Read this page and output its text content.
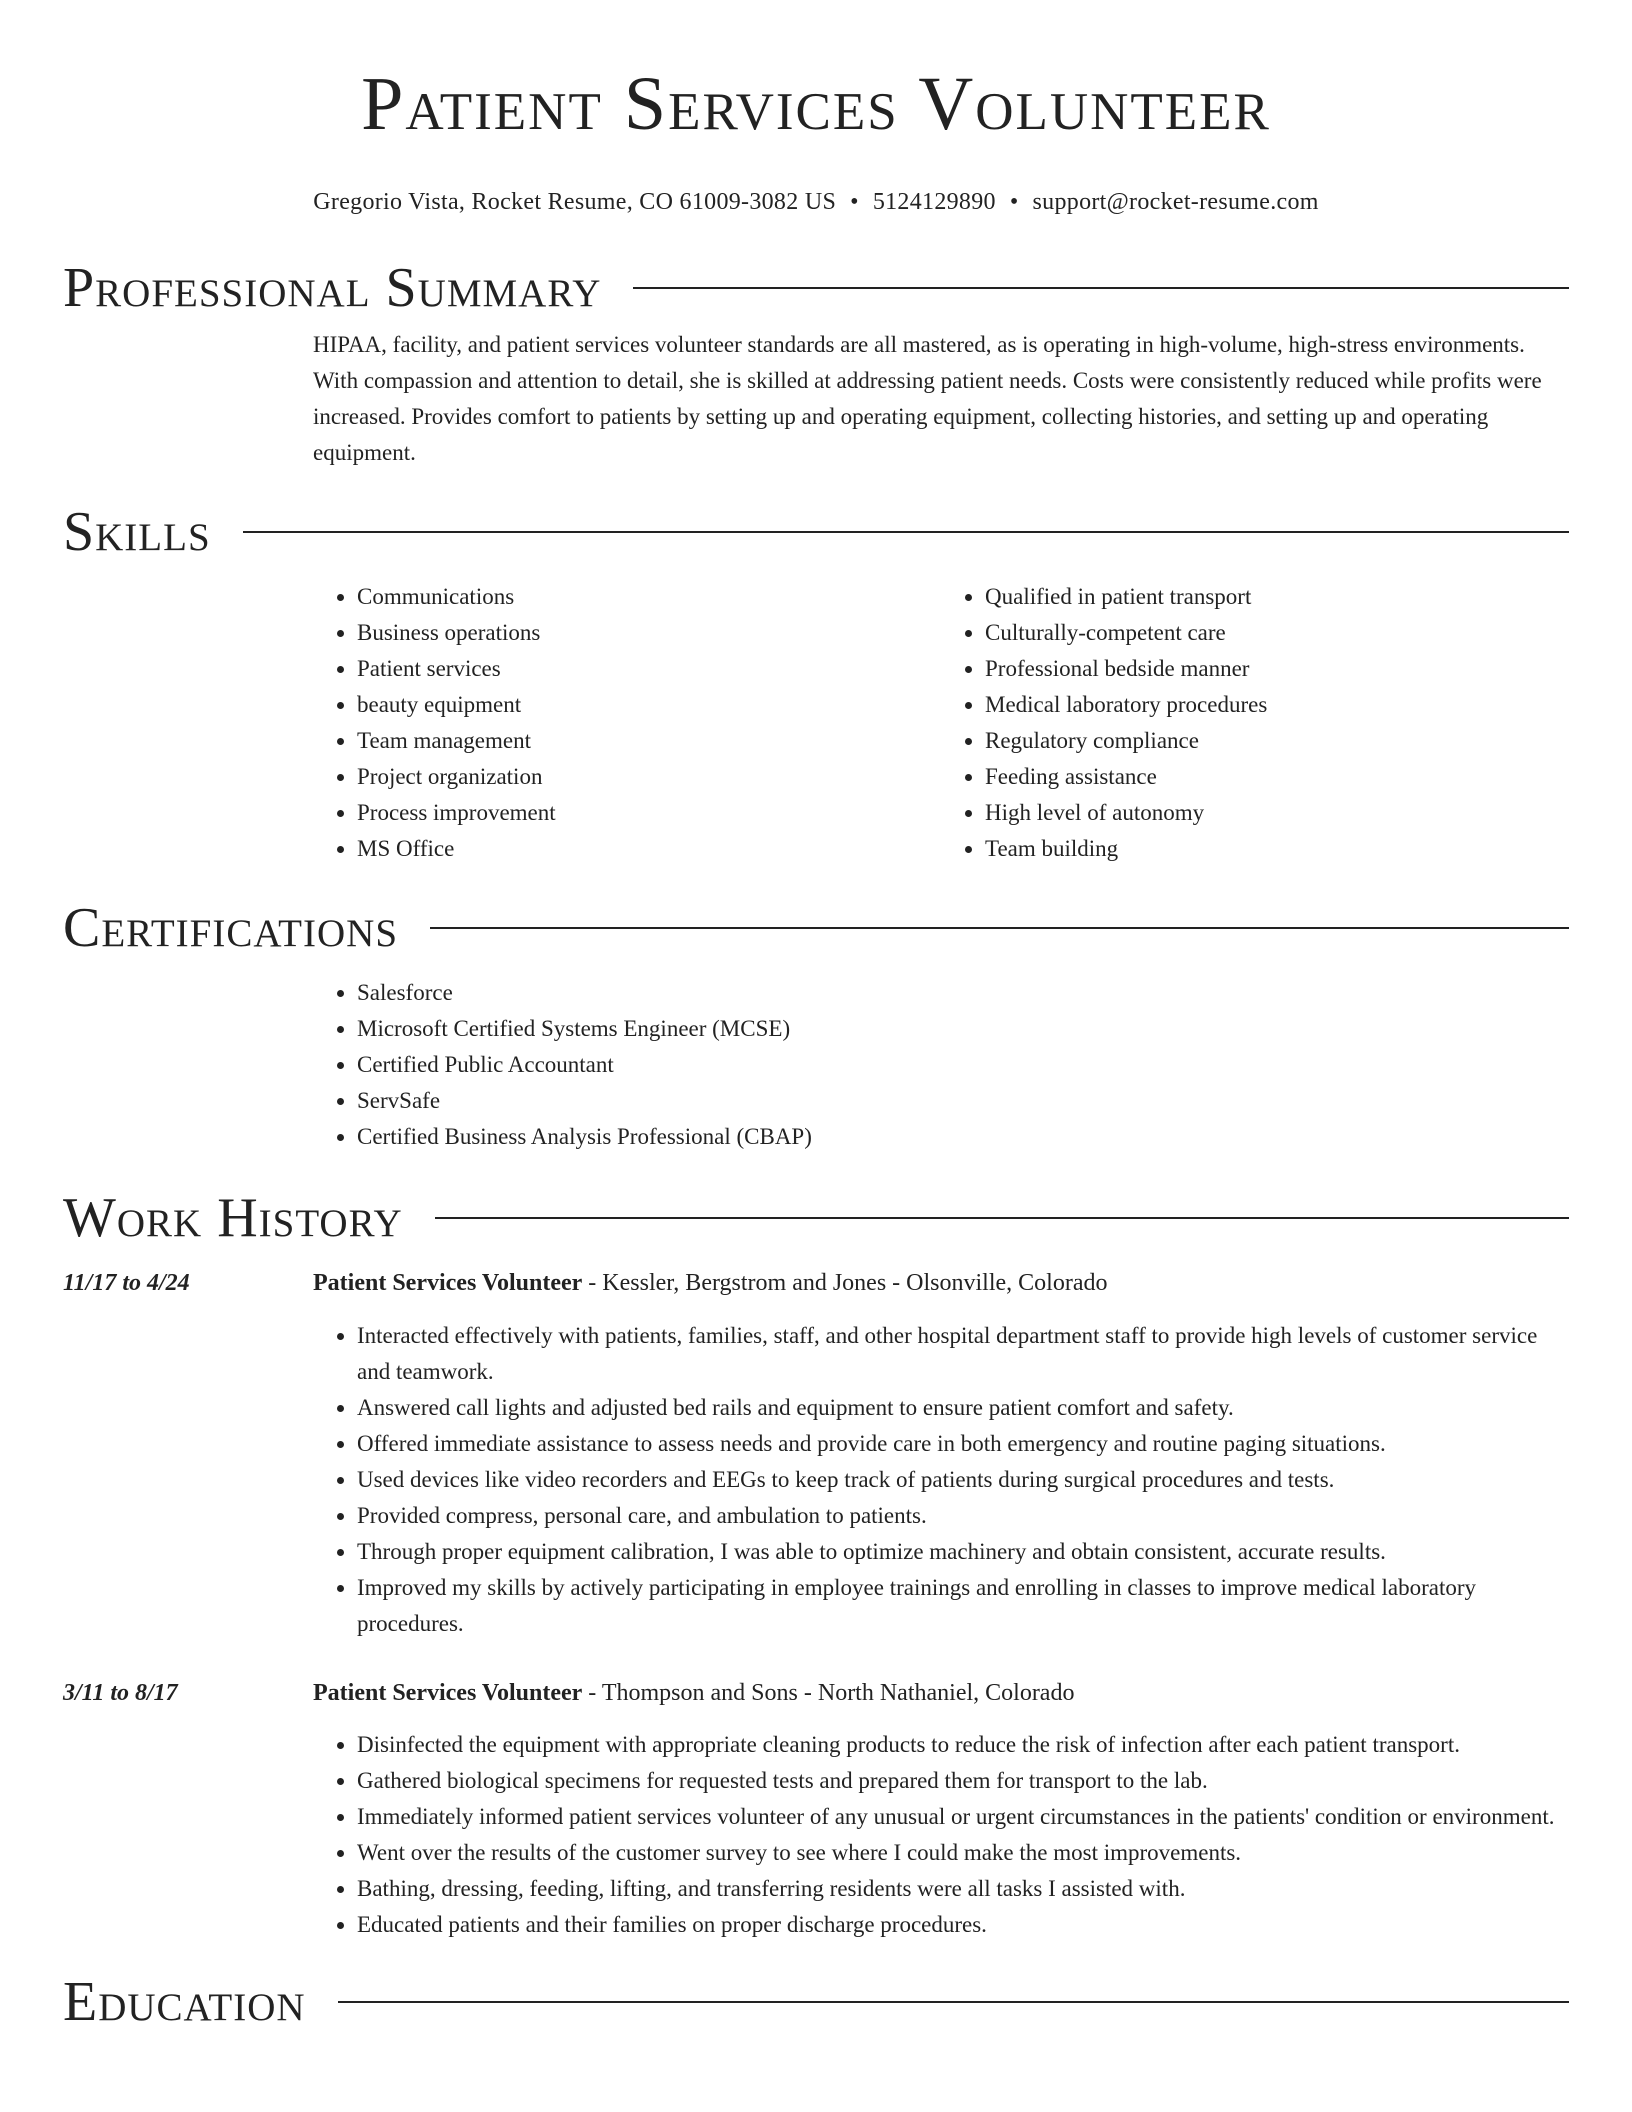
Patient Services Volunteer
Gregorio Vista, Rocket Resume, CO 61009-3082 US • 5124129890 • support@rocket-resume.com
Professional Summary

HIPAA, facility, and patient services volunteer standards are all mastered, as is operating in high-volume, high-stress environments. With compassion and attention to detail, she is skilled at addressing patient needs. Costs were consistently reduced while profits were increased. Provides comfort to patients by setting up and operating equipment, collecting histories, and setting up and operating equipment.

Skills
• Communications
• Business operations
• Patient services
• beauty equipment
• Team management
• Project organization
• Process improvement
• MS Office
• Qualified in patient transport
• Culturally-competent care
• Professional bedside manner
• Medical laboratory procedures
• Regulatory compliance
• Feeding assistance
• High level of autonomy
• Team building
Certifications
• Salesforce
• Microsoft Certified Systems Engineer (MCSE)
• Certified Public Accountant
• ServSafe
• Certified Business Analysis Professional (CBAP)
Work History
11/17 to 4/24	Patient Services Volunteer - Kessler, Bergstrom and Jones - Olsonville, Colorado
• Interacted effectively with patients, families, staff, and other hospital department staff to provide high levels of customer service and teamwork.
• Answered call lights and adjusted bed rails and equipment to ensure patient comfort and safety.
• Offered immediate assistance to assess needs and provide care in both emergency and routine paging situations.
• Used devices like video recorders and EEGs to keep track of patients during surgical procedures and tests.
• Provided compress, personal care, and ambulation to patients.
• Through proper equipment calibration, I was able to optimize machinery and obtain consistent, accurate results.
• Improved my skills by actively participating in employee trainings and enrolling in classes to improve medical laboratory procedures.
3/11 to 8/17	Patient Services Volunteer - Thompson and Sons - North Nathaniel, Colorado
• Disinfected the equipment with appropriate cleaning products to reduce the risk of infection after each patient transport.
• Gathered biological specimens for requested tests and prepared them for transport to the lab.
• Immediately informed patient services volunteer of any unusual or urgent circumstances in the patients' condition or environment.
• Went over the results of the customer survey to see where I could make the most improvements.
• Bathing, dressing, feeding, lifting, and transferring residents were all tasks I assisted with.
• Educated patients and their families on proper discharge procedures.
Education
